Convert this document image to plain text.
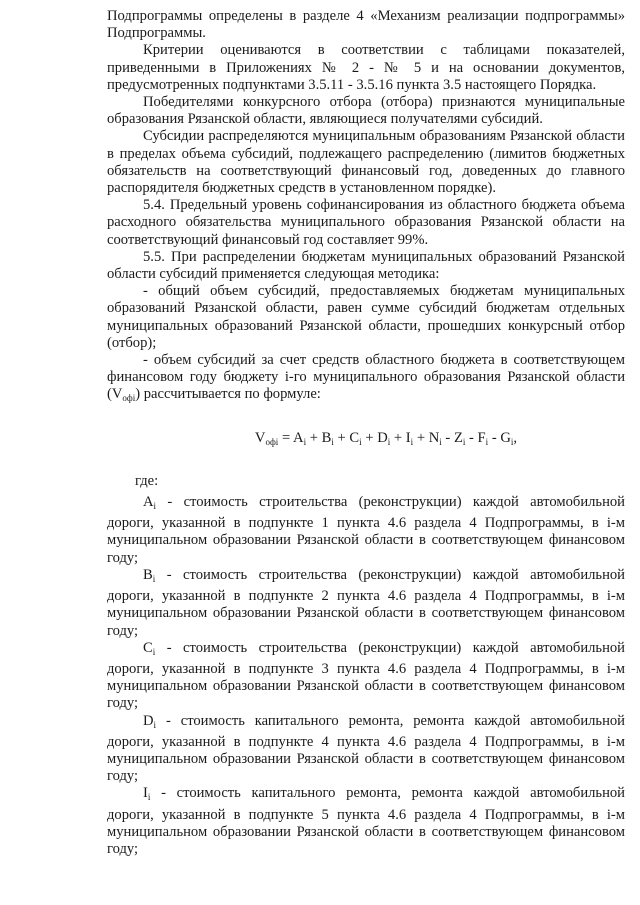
Подпрограммы определены в разделе 4 «Механизм реализации подпрограммы» Подпрограммы.

Критерии оцениваются в соответствии с таблицами показателей, приведенными в Приложениях № 2 - № 5 и на основании документов, предусмотренных подпунктами 3.5.11 - 3.5.16 пункта 3.5 настоящего Порядка.

Победителями конкурсного отбора (отбора) признаются муниципальные образования Рязанской области, являющиеся получателями субсидий.

Субсидии распределяются муниципальным образованиям Рязанской области в пределах объема субсидий, подлежащего распределению (лимитов бюджетных обязательств на соответствующий финансовый год, доведенных до главного распорядителя бюджетных средств в установленном порядке).

5.4. Предельный уровень софинансирования из областного бюджета объема расходного обязательства муниципального образования Рязанской области на соответствующий финансовый год составляет 99%.

5.5. При распределении бюджетам муниципальных образований Рязанской области субсидий применяется следующая методика:

- общий объем субсидий, предоставляемых бюджетам муниципальных образований Рязанской области, равен сумме субсидий бюджетам отдельных муниципальных образований Рязанской области, прошедших конкурсный отбор (отбор);

- объем субсидий за счет средств областного бюджета в соответствующем финансовом году бюджету i-го муниципального образования Рязанской области $(V_{офi})$ рассчитывается по формуле:

$V_{офi} = A_i + B_i + C_i + D_i + I_i + N_i - Z_i - F_i - G_i$,

где:

$A_i$ - стоимость строительства (реконструкции) каждой автомобильной дороги, указанной в подпункте 1 пункта 4.6 раздела 4 Подпрограммы, в i-м муниципальном образовании Рязанской области в соответствующем финансовом году;

$B_i$ - стоимость строительства (реконструкции) каждой автомобильной дороги, указанной в подпункте 2 пункта 4.6 раздела 4 Подпрограммы, в i-м муниципальном образовании Рязанской области в соответствующем финансовом году;

$C_i$ - стоимость строительства (реконструкции) каждой автомобильной дороги, указанной в подпункте 3 пункта 4.6 раздела 4 Подпрограммы, в i-м муниципальном образовании Рязанской области в соответствующем финансовом году;

$D_i$ - стоимость капитального ремонта, ремонта каждой автомобильной дороги, указанной в подпункте 4 пункта 4.6 раздела 4 Подпрограммы, в i-м муниципальном образовании Рязанской области в соответствующем финансовом году;

$I_i$ - стоимость капитального ремонта, ремонта каждой автомобильной дороги, указанной в подпункте 5 пункта 4.6 раздела 4 Подпрограммы, в i-м муниципальном образовании Рязанской области в соответствующем финансовом году;
